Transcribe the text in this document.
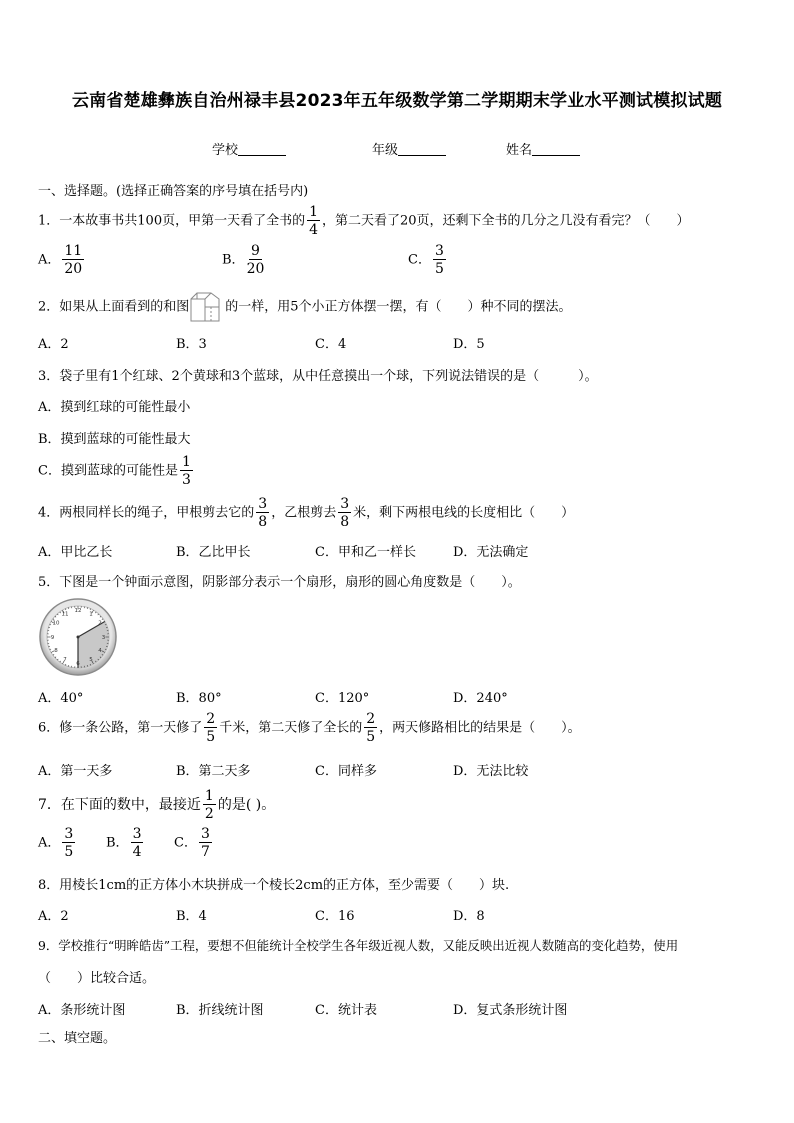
云南省楚雄彝族自治州禄丰县2023年五年级数学第二学期期末学业水平测试模拟试题
学校	年级	姓名
一、选择题。(选择正确答案的序号填在括号内)
1．一本故事书共100页，甲第一天看了全书的 $\frac{1}{4}$ ，第二天看了20页，还剩下全书的几分之几没有看完？（　　）
A． $\frac{11}{20}$	B． $\frac{9}{20}$	C． $\frac{3}{5}$
2．如果从上面看到的和图	的一样，用5个小正方体摆一摆，有（　　）种不同的摆法。
A．2	B．3	C．4	D．5
3．袋子里有1个红球、2个黄球和3个蓝球，从中任意摸出一个球，下列说法错误的是（　　　）。
A．摸到红球的可能性最小
B．摸到蓝球的可能性最大
C．摸到蓝球的可能性是 $\frac{1}{3}$
4．两根同样长的绳子，甲根剪去它的 $\frac{3}{8}$ ，乙根剪去 $\frac{3}{8}$ 米，剩下两根电线的长度相比（　　）
A．甲比乙长	B．乙比甲长	C．甲和乙一样长	D．无法确定
5．下图是一个钟面示意图，阴影部分表示一个扇形，扇形的圆心角度数是（　　）。
12
1
2
3
4
5
6
7
8
9
10
11
A．40°	B．80°	C．120°	D．240°
6．修一条公路，第一天修了 $\frac{2}{5}$ 千米，第二天修了全长的 $\frac{2}{5}$ ，两天修路相比的结果是（　　）。
A．第一天多	B．第二天多	C．同样多	D．无法比较
7．在下面的数中，最接近 $\frac{1}{2}$ 的是( )。
A． $\frac{3}{5}$ B． $\frac{3}{4}$ C． $\frac{3}{7}$
8．用棱长1cm的正方体小木块拼成一个棱长2cm的正方体，至少需要（　　）块.
A．2	B．4	C．16	D．8
9．学校推行“明眸皓齿”工程，要想不但能统计全校学生各年级近视人数，又能反映出近视人数随高的变化趋势，使用
（　　）比较合适。
A．条形统计图	B．折线统计图	C．统计表	D．复式条形统计图
二、填空题。
